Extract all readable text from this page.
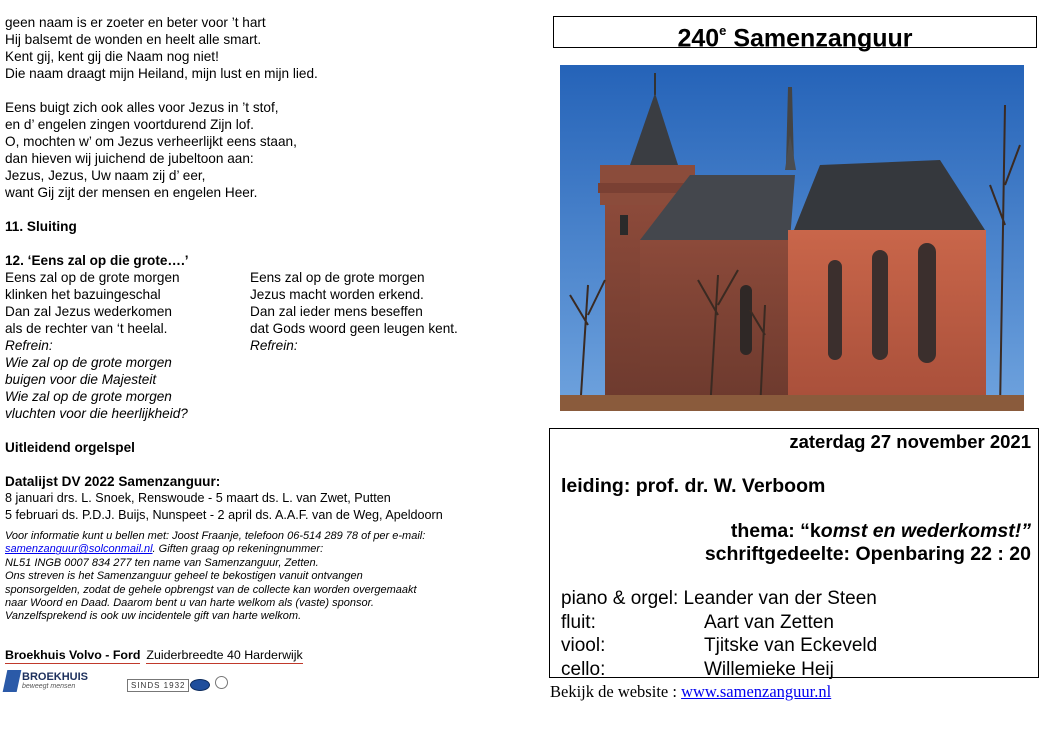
geen naam is er zoeter en beter voor ’t hart
Hij balsemt de wonden en heelt alle smart.
Kent gij, kent gij die Naam nog niet!
Die naam draagt mijn Heiland, mijn lust en mijn lied.
Eens buigt zich ook alles voor Jezus in ’t stof,
en d’ engelen zingen voortdurend Zijn lof.
O, mochten w’ om Jezus verheerlijkt eens staan,
dan hieven wij juichend de jubeltoon aan:
Jezus, Jezus, Uw naam zij d’ eer,
want Gij zijt der mensen en engelen Heer.
11. Sluiting
12. ‘Eens zal op die grote….’
Eens zal op de grote morgen	Eens zal op de grote morgen
klinken het bazuingeschal	Jezus macht worden erkend.
Dan zal Jezus wederkomen	Dan zal ieder mens beseffen
als de rechter van ‘t heelal.	dat Gods woord geen leugen kent.
Refrein:	Refrein:
Wie zal op de grote morgen
buigen voor die Majesteit
Wie zal op de grote morgen
vluchten voor die heerlijkheid?
Uitleidend orgelspel
Datalijst DV 2022 Samenzanguur:
8 januari drs. L. Snoek, Renswoude - 5 maart ds. L. van Zwet, Putten
5 februari ds. P.D.J. Buijs, Nunspeet - 2 april ds. A.A.F. van de Weg, Apeldoorn
Voor informatie kunt u bellen met: Joost Fraanje, telefoon 06-514 289 78 of per e-mail:
samenzanguur@solconmail.nl. Giften graag op rekeningnummer:
NL51 INGB 0007 834 277 ten name van Samenzanguur, Zetten.
Ons streven is het Samenzanguur geheel te bekostigen vanuit ontvangen
sponsorgelden, zodat de gehele opbrengst van de collecte kan worden overgemaakt
naar Woord en Daad. Daarom bent u van harte welkom als (vaste) sponsor.
Vanzelfsprekend is ook uw incidentele gift van harte welkom.
Broekhuis Volvo - Ford Zuiderbreedte 40 Harderwijk
BROEKHUIS
beweegt mensen	SINDS 1932
240e Samenzanguur
zaterdag 27 november 2021
leiding: prof. dr. W. Verboom
thema: “komst en wederkomst!”
schriftgedeelte: Openbaring 22 : 20
piano & orgel: Leander van der Steen
fluit:	Aart van Zetten
viool:	Tjitske van Eckeveld
cello:	Willemieke Heij
Bekijk de website : www.samenzanguur.nl
